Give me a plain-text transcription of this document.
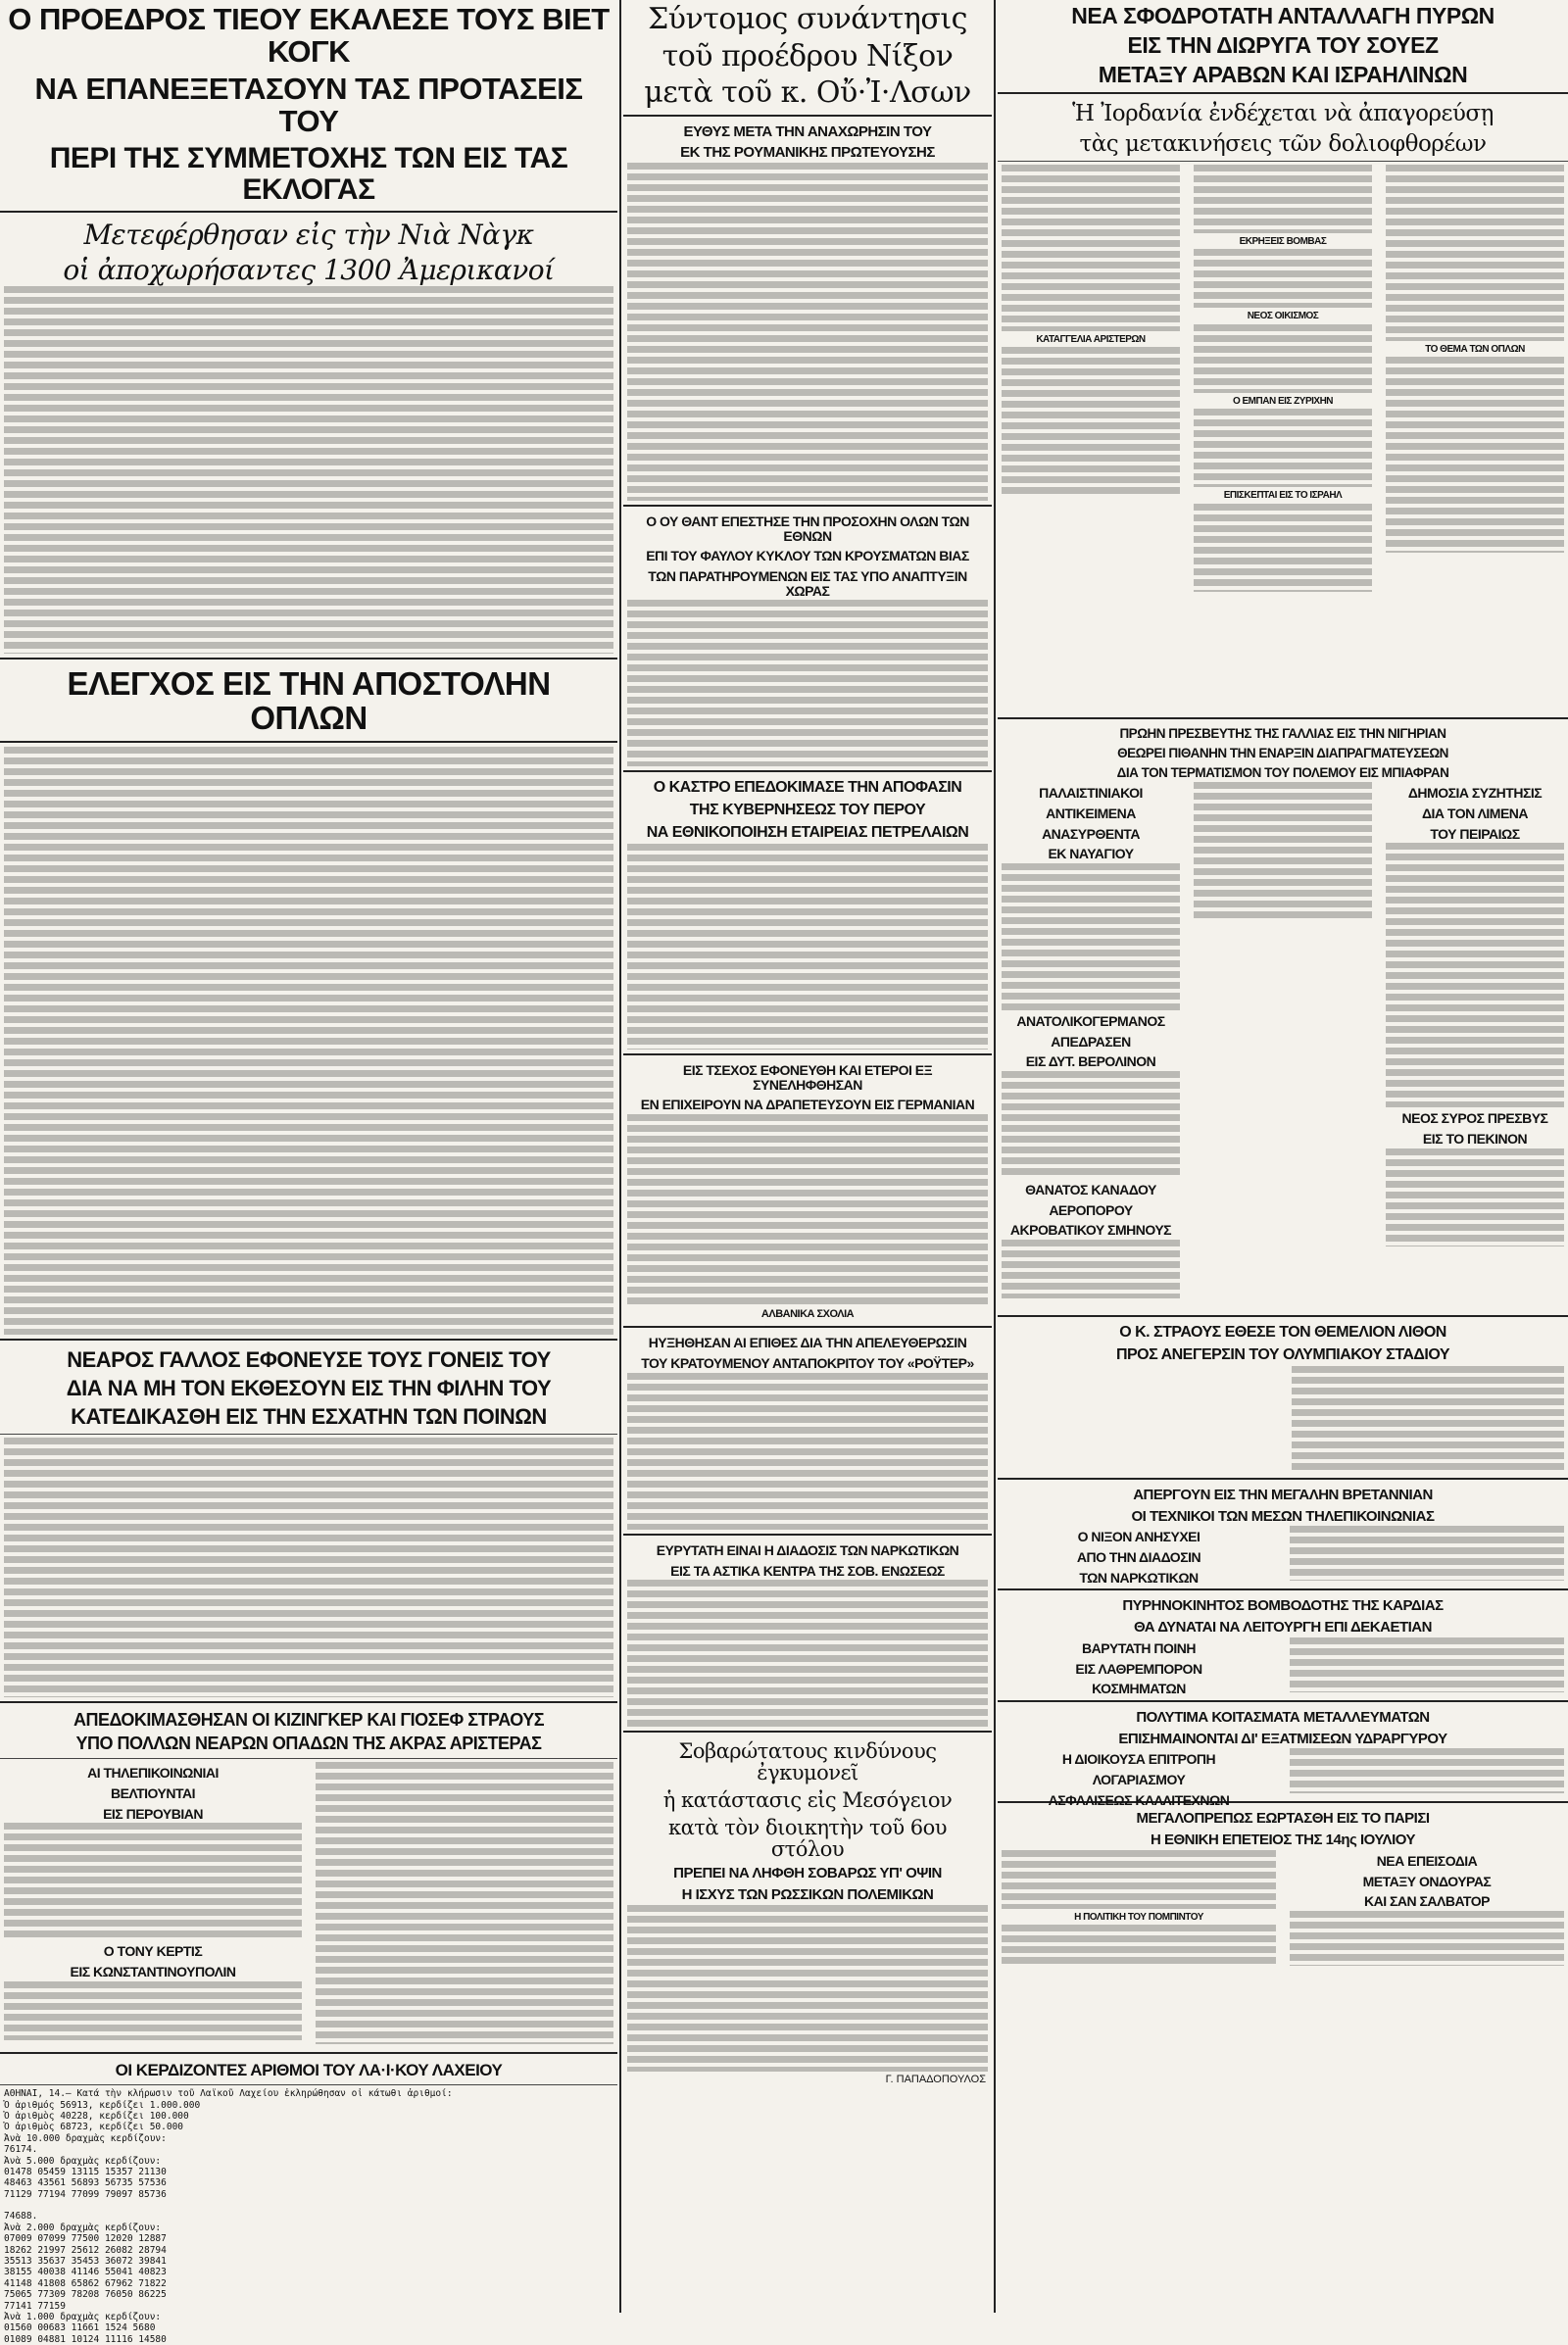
Ο ΠΡΟΕΔΡΟΣ ΤΙΕΟΥ ΕΚΑΛΕΣΕ ΤΟΥΣ ΒΙΕΤ ΚΟΓΚ
ΝΑ ΕΠΑΝΕΞΕΤΑΣΟΥΝ ΤΑΣ ΠΡΟΤΑΣΕΙΣ ΤΟΥ
ΠΕΡΙ ΤΗΣ ΣΥΜΜΕΤΟΧΗΣ ΤΩΝ ΕΙΣ ΤΑΣ ΕΚΛΟΓΑΣ
Μετεφέρθησαν εἰς τὴν Νιὰ Νὰγκ
οἱ ἀποχωρήσαντες 1300 Ἀμερικανοί
ΕΛΕΓΧΟΣ ΕΙΣ ΤΗΝ ΑΠΟΣΤΟΛΗΝ ΟΠΛΩΝ
ΝΕΑΡΟΣ ΓΑΛΛΟΣ ΕΦΟΝΕΥΣΕ ΤΟΥΣ ΓΟΝΕΙΣ ΤΟΥ
ΔΙΑ ΝΑ ΜΗ ΤΟΝ ΕΚΘΕΣΟΥΝ ΕΙΣ ΤΗΝ ΦΙΛΗΝ ΤΟΥ
ΚΑΤΕΔΙΚΑΣΘΗ ΕΙΣ ΤΗΝ ΕΣΧΑΤΗΝ ΤΩΝ ΠΟΙΝΩΝ
ΑΠΕΔΟΚΙΜΑΣΘΗΣΑΝ ΟΙ ΚΙΖΙΝΓΚΕΡ ΚΑΙ ΓΙΟΣΕΦ ΣΤΡΑΟΥΣ
ΥΠΟ ΠΟΛΛΩΝ ΝΕΑΡΩΝ ΟΠΑΔΩΝ ΤΗΣ ΑΚΡΑΣ ΑΡΙΣΤΕΡΑΣ
ΑΙ ΤΗΛΕΠΙΚΟΙΝΩΝΙΑΙ
ΒΕΛΤΙΟΥΝΤΑΙ
ΕΙΣ ΠΕΡΟΥΒΙΑΝ
Ο ΤΟΝΥ ΚΕΡΤΙΣ
ΕΙΣ ΚΩΝΣΤΑΝΤΙΝΟΥΠΟΛΙΝ
ΟΙ ΚΕΡΔΙΖΟΝΤΕΣ ΑΡΙΘΜΟΙ ΤΟΥ ΛΑ·Ι·ΚΟΥ ΛΑΧΕΙΟΥ
ΑΘΗΝΑΙ, 14.— Κατά τὴν κλήρωσιν τοῦ Λαϊκοῦ Λαχείου ἐκληρώθησαν οἱ κάτωθι ἀριθμοί:
Ὁ ἀριθμός 56913, κερδίζει 1.000.000
Ὁ ἀριθμὸς 40228, κερδίζει 100.000
Ὁ ἀριθμὸς 68723, κερδίζει 50.000
Ἀνὰ 10.000 δραχμὰς κερδίζουν:
76174.
Ἀνὰ 5.000 δραχμὰς κερδίζουν:
01478 05459 13115 15357 21130
48463 43561 56893 56735 57536
71129 77194 77099 79097 85736

74688.
Ἀνὰ 2.000 δραχμὰς κερδίζουν:
07009 07099 77500 12020 12887
18262 21997 25612 26082 28794
35513 35637 35453 36072 39841
38155 40038 41146 55041 40823
41148 41808 65862 67962 71822
75065 77309 78208 76050 86225
77141 77159
Ἀνὰ 1.000 δραχμὰς κερδίζουν:
01560 00683 11661 1524 5680
01089 04881 10124 11116 14580
Σύντομος συνάντησις
τοῦ προέδρου Νίξον
μετὰ τοῦ κ. Οὔ·Ἰ·Λσων
ΕΥΘΥΣ ΜΕΤΑ ΤΗΝ ΑΝΑΧΩΡΗΣΙΝ ΤΟΥ
ΕΚ ΤΗΣ ΡΟΥΜΑΝΙΚΗΣ ΠΡΩΤΕΥΟΥΣΗΣ
Ο ΟΥ ΘΑΝΤ ΕΠΕΣΤΗΣΕ ΤΗΝ ΠΡΟΣΟΧΗΝ ΟΛΩΝ ΤΩΝ ΕΘΝΩΝ
ΕΠΙ ΤΟΥ ΦΑΥΛΟΥ ΚΥΚΛΟΥ ΤΩΝ ΚΡΟΥΣΜΑΤΩΝ ΒΙΑΣ
ΤΩΝ ΠΑΡΑΤΗΡΟΥΜΕΝΩΝ ΕΙΣ ΤΑΣ ΥΠΟ ΑΝΑΠΤΥΞΙΝ ΧΩΡΑΣ
Ο ΚΑΣΤΡΟ ΕΠΕΔΟΚΙΜΑΣΕ ΤΗΝ ΑΠΟΦΑΣΙΝ
ΤΗΣ ΚΥΒΕΡΝΗΣΕΩΣ ΤΟΥ ΠΕΡΟΥ
ΝΑ ΕΘΝΙΚΟΠΟΙΗΣΗ ΕΤΑΙΡΕΙΑΣ ΠΕΤΡΕΛΑΙΩΝ
ΕΙΣ ΤΣΕΧΟΣ ΕΦΟΝΕΥΘΗ ΚΑΙ ΕΤΕΡΟΙ ΕΞ ΣΥΝΕΛΗΦΘΗΣΑΝ
ΕΝ ΕΠΙΧΕΙΡΟΥΝ ΝΑ ΔΡΑΠΕΤΕΥΣΟΥΝ ΕΙΣ ΓΕΡΜΑΝΙΑΝ
ΑΛΒΑΝΙΚΑ ΣΧΟΛΙΑ
ΗΥΞΗΘΗΣΑΝ ΑΙ ΕΠΙΘΕΣ ΔΙΑ ΤΗΝ ΑΠΕΛΕΥΘΕΡΩΣΙΝ
ΤΟΥ ΚΡΑΤΟΥΜΕΝΟΥ ΑΝΤΑΠΟΚΡΙΤΟΥ ΤΟΥ «ΡΟΫΤΕΡ»
ΕΥΡΥΤΑΤΗ ΕΙΝΑΙ Η ΔΙΑΔΟΣΙΣ ΤΩΝ ΝΑΡΚΩΤΙΚΩΝ
ΕΙΣ ΤΑ ΑΣΤΙΚΑ ΚΕΝΤΡΑ ΤΗΣ ΣΟΒ. ΕΝΩΣΕΩΣ
Σοβαρώτατους κινδύνους ἐγκυμονεῖ
ἡ κατάστασις εἰς Μεσόγειον
κατὰ τὸν διοικητὴν τοῦ 6ου στόλου
ΠΡΕΠΕΙ ΝΑ ΛΗΦΘΗ ΣΟΒΑΡΩΣ ΥΠ' ΟΨΙΝ
Η ΙΣΧΥΣ ΤΩΝ ΡΩΣΣΙΚΩΝ ΠΟΛΕΜΙΚΩΝ
Γ. ΠΑΠΑΔΟΠΟΥΛΟΣ
ΝΕΑ ΣΦΟΔΡΟΤΑΤΗ ΑΝΤΑΛΛΑΓΗ ΠΥΡΩΝ
ΕΙΣ ΤΗΝ ΔΙΩΡΥΓΑ ΤΟΥ ΣΟΥΕΖ
ΜΕΤΑΞΥ ΑΡΑΒΩΝ ΚΑΙ ΙΣΡΑΗΛΙΝΩΝ
Ἡ Ἰορδανία ἐνδέχεται νὰ ἀπαγορεύσῃ
τὰς μετακινήσεις τῶν δολιοφθορέων
ΚΑΤΑΓΓΕΛΙΑ ΑΡΙΣΤΕΡΩΝ
ΕΚΡΗΞΕΙΣ ΒΟΜΒΑΣ
ΝΕΟΣ ΟΙΚΙΣΜΟΣ
Ο ΕΜΠΑΝ ΕΙΣ ΖΥΡΙΧΗΝ
ΕΠΙΣΚΕΠΤΑΙ ΕΙΣ ΤΟ ΙΣΡΑΗΛ
ΤΟ ΘΕΜΑ ΤΩΝ ΟΠΛΩΝ
ΠΡΩΗΝ ΠΡΕΣΒΕΥΤΗΣ ΤΗΣ ΓΑΛΛΙΑΣ ΕΙΣ ΤΗΝ ΝΙΓΗΡΙΑΝ
ΘΕΩΡΕΙ ΠΙΘΑΝΗΝ ΤΗΝ ΕΝΑΡΞΙΝ ΔΙΑΠΡΑΓΜΑΤΕΥΣΕΩΝ
ΔΙΑ ΤΟΝ ΤΕΡΜΑΤΙΣΜΟΝ ΤΟΥ ΠΟΛΕΜΟΥ ΕΙΣ ΜΠΙΑΦΡΑΝ
ΠΑΛΑΙΣΤΙΝΙΑΚΟΙ
ΑΝΤΙΚΕΙΜΕΝΑ
ΑΝΑΣΥΡΘΕΝΤΑ
ΕΚ ΝΑΥΑΓΙΟΥ
ΑΝΑΤΟΛΙΚΟΓΕΡΜΑΝΟΣ
ΑΠΕΔΡΑΣΕΝ
ΕΙΣ ΔΥΤ. ΒΕΡΟΛΙΝΟΝ
ΘΑΝΑΤΟΣ ΚΑΝΑΔΟΥ
ΑΕΡΟΠΟΡΟΥ
ΑΚΡΟΒΑΤΙΚΟΥ ΣΜΗΝΟΥΣ
ΔΗΜΟΣΙΑ ΣΥΖΗΤΗΣΙΣ
ΔΙΑ ΤΟΝ ΛΙΜΕΝΑ
ΤΟΥ ΠΕΙΡΑΙΩΣ
ΝΕΟΣ ΣΥΡΟΣ ΠΡΕΣΒΥΣ
ΕΙΣ ΤΟ ΠΕΚΙΝΟΝ
Ο Κ. ΣΤΡΑΟΥΣ ΕΘΕΣΕ ΤΟΝ ΘΕΜΕΛΙΟΝ ΛΙΘΟΝ
ΠΡΟΣ ΑΝΕΓΕΡΣΙΝ ΤΟΥ ΟΛΥΜΠΙΑΚΟΥ ΣΤΑΔΙΟΥ
ΑΠΕΡΓΟΥΝ ΕΙΣ ΤΗΝ ΜΕΓΑΛΗΝ ΒΡΕΤΑΝΝΙΑΝ
ΟΙ ΤΕΧΝΙΚΟΙ ΤΩΝ ΜΕΣΩΝ ΤΗΛΕΠΙΚΟΙΝΩΝΙΑΣ
Ο ΝΙΞΟΝ ΑΝΗΣΥΧΕΙ
ΑΠΟ ΤΗΝ ΔΙΑΔΟΣΙΝ
ΤΩΝ ΝΑΡΚΩΤΙΚΩΝ
ΠΥΡΗΝΟΚΙΝΗΤΟΣ ΒΟΜΒΟΔΟΤΗΣ ΤΗΣ ΚΑΡΔΙΑΣ
ΘΑ ΔΥΝΑΤΑΙ ΝΑ ΛΕΙΤΟΥΡΓΗ ΕΠΙ ΔΕΚΑΕΤΙΑΝ
ΒΑΡΥΤΑΤΗ ΠΟΙΝΗ
ΕΙΣ ΛΑΘΡΕΜΠΟΡΟΝ
ΚΟΣΜΗΜΑΤΩΝ
ΠΟΛΥΤΙΜΑ ΚΟΙΤΑΣΜΑΤΑ ΜΕΤΑΛΛΕΥΜΑΤΩΝ
ΕΠΙΣΗΜΑΙΝΟΝΤΑΙ ΔΙ' ΕΞΑΤΜΙΣΕΩΝ ΥΔΡΑΡΓΥΡΟΥ
Η ΔΙΟΙΚΟΥΣΑ ΕΠΙΤΡΟΠΗ
ΛΟΓΑΡΙΑΣΜΟΥ
ΑΣΦΑΛΙΣΕΩΣ ΚΑΛΛΙΤΕΧΝΩΝ
ΜΕΓΑΛΟΠΡΕΠΩΣ ΕΩΡΤΑΣΘΗ ΕΙΣ ΤΟ ΠΑΡΙΣΙ
Η ΕΘΝΙΚΗ ΕΠΕΤΕΙΟΣ ΤΗΣ 14ης ΙΟΥΛΙΟΥ
Η ΠΟΛΙΤΙΚΗ ΤΟΥ ΠΟΜΠΙΝΤΟΥ
ΝΕΑ ΕΠΕΙΣΟΔΙΑ
ΜΕΤΑΞΥ ΟΝΔΟΥΡΑΣ
ΚΑΙ ΣΑΝ ΣΑΛΒΑΤΟΡ
